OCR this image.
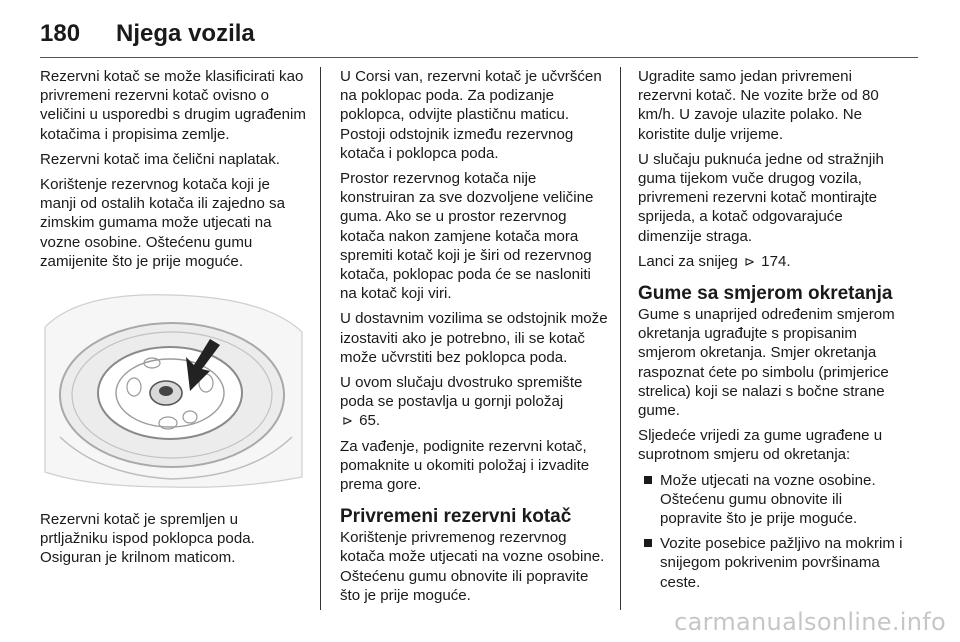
180 Njega vozila

Rezervni kotač se može klasificirati kao privremeni rezervni kotač ovisno o veličini u usporedbi s drugim ugrađenim kotačima i propisima zemlje.

Rezervni kotač ima čelični naplatak.

Korištenje rezervnog kotača koji je manji od ostalih kotača ili zajedno sa zimskim gumama može utjecati na vozne osobine. Oštećenu gumu zamijenite što je prije moguće.

Rezervni kotač je spremljen u prtljažniku ispod poklopca poda. Osiguran je krilnom maticom.

U Corsi van, rezervni kotač je učvršćen na poklopac poda. Za podizanje poklopca, odvijte plastičnu maticu. Postoji odstojnik između rezervnog kotača i poklopca poda.

Prostor rezervnog kotača nije konstruiran za sve dozvoljene veličine guma. Ako se u prostor rezervnog kotača nakon zamjene kotača mora spremiti kotač koji je širi od rezervnog kotača, poklopac poda će se nasloniti na kotač koji viri.

U dostavnim vozilima se odstojnik može izostaviti ako je potrebno, ili se kotač može učvrstiti bez poklopca poda.

U ovom slučaju dvostruko spremište poda se postavlja u gornji položaj
⊳ 65.

Za vađenje, podignite rezervni kotač, pomaknite u okomiti položaj i izvadite prema gore.

Privremeni rezervni kotač

Korištenje privremenog rezervnog kotača može utjecati na vozne osobine. Oštećenu gumu obnovite ili popravite što je prije moguće.

Ugradite samo jedan privremeni rezervni kotač. Ne vozite brže od 80 km/h. U zavoje ulazite polako. Ne koristite dulje vrijeme.

U slučaju puknuća jedne od stražnjih guma tijekom vuče drugog vozila, privremeni rezervni kotač montirajte sprijeda, a kotač odgovarajuće dimenzije straga.

Lanci za snijeg ⊳ 174.

Gume sa smjerom okretanja

Gume s unaprijed određenim smjerom okretanja ugrađujte s propisanim smjerom okretanja. Smjer okretanja raspoznat ćete po simbolu (primjerice strelica) koji se nalazi s bočne strane gume.

Sljedeće vrijedi za gume ugrađene u suprotnom smjeru od okretanja:

Može utjecati na vozne osobine. Oštećenu gumu obnovite ili popravite što je prije moguće.
Vozite posebice pažljivo na mokrim i snijegom pokrivenim površinama ceste.
carmanualsonline.info
